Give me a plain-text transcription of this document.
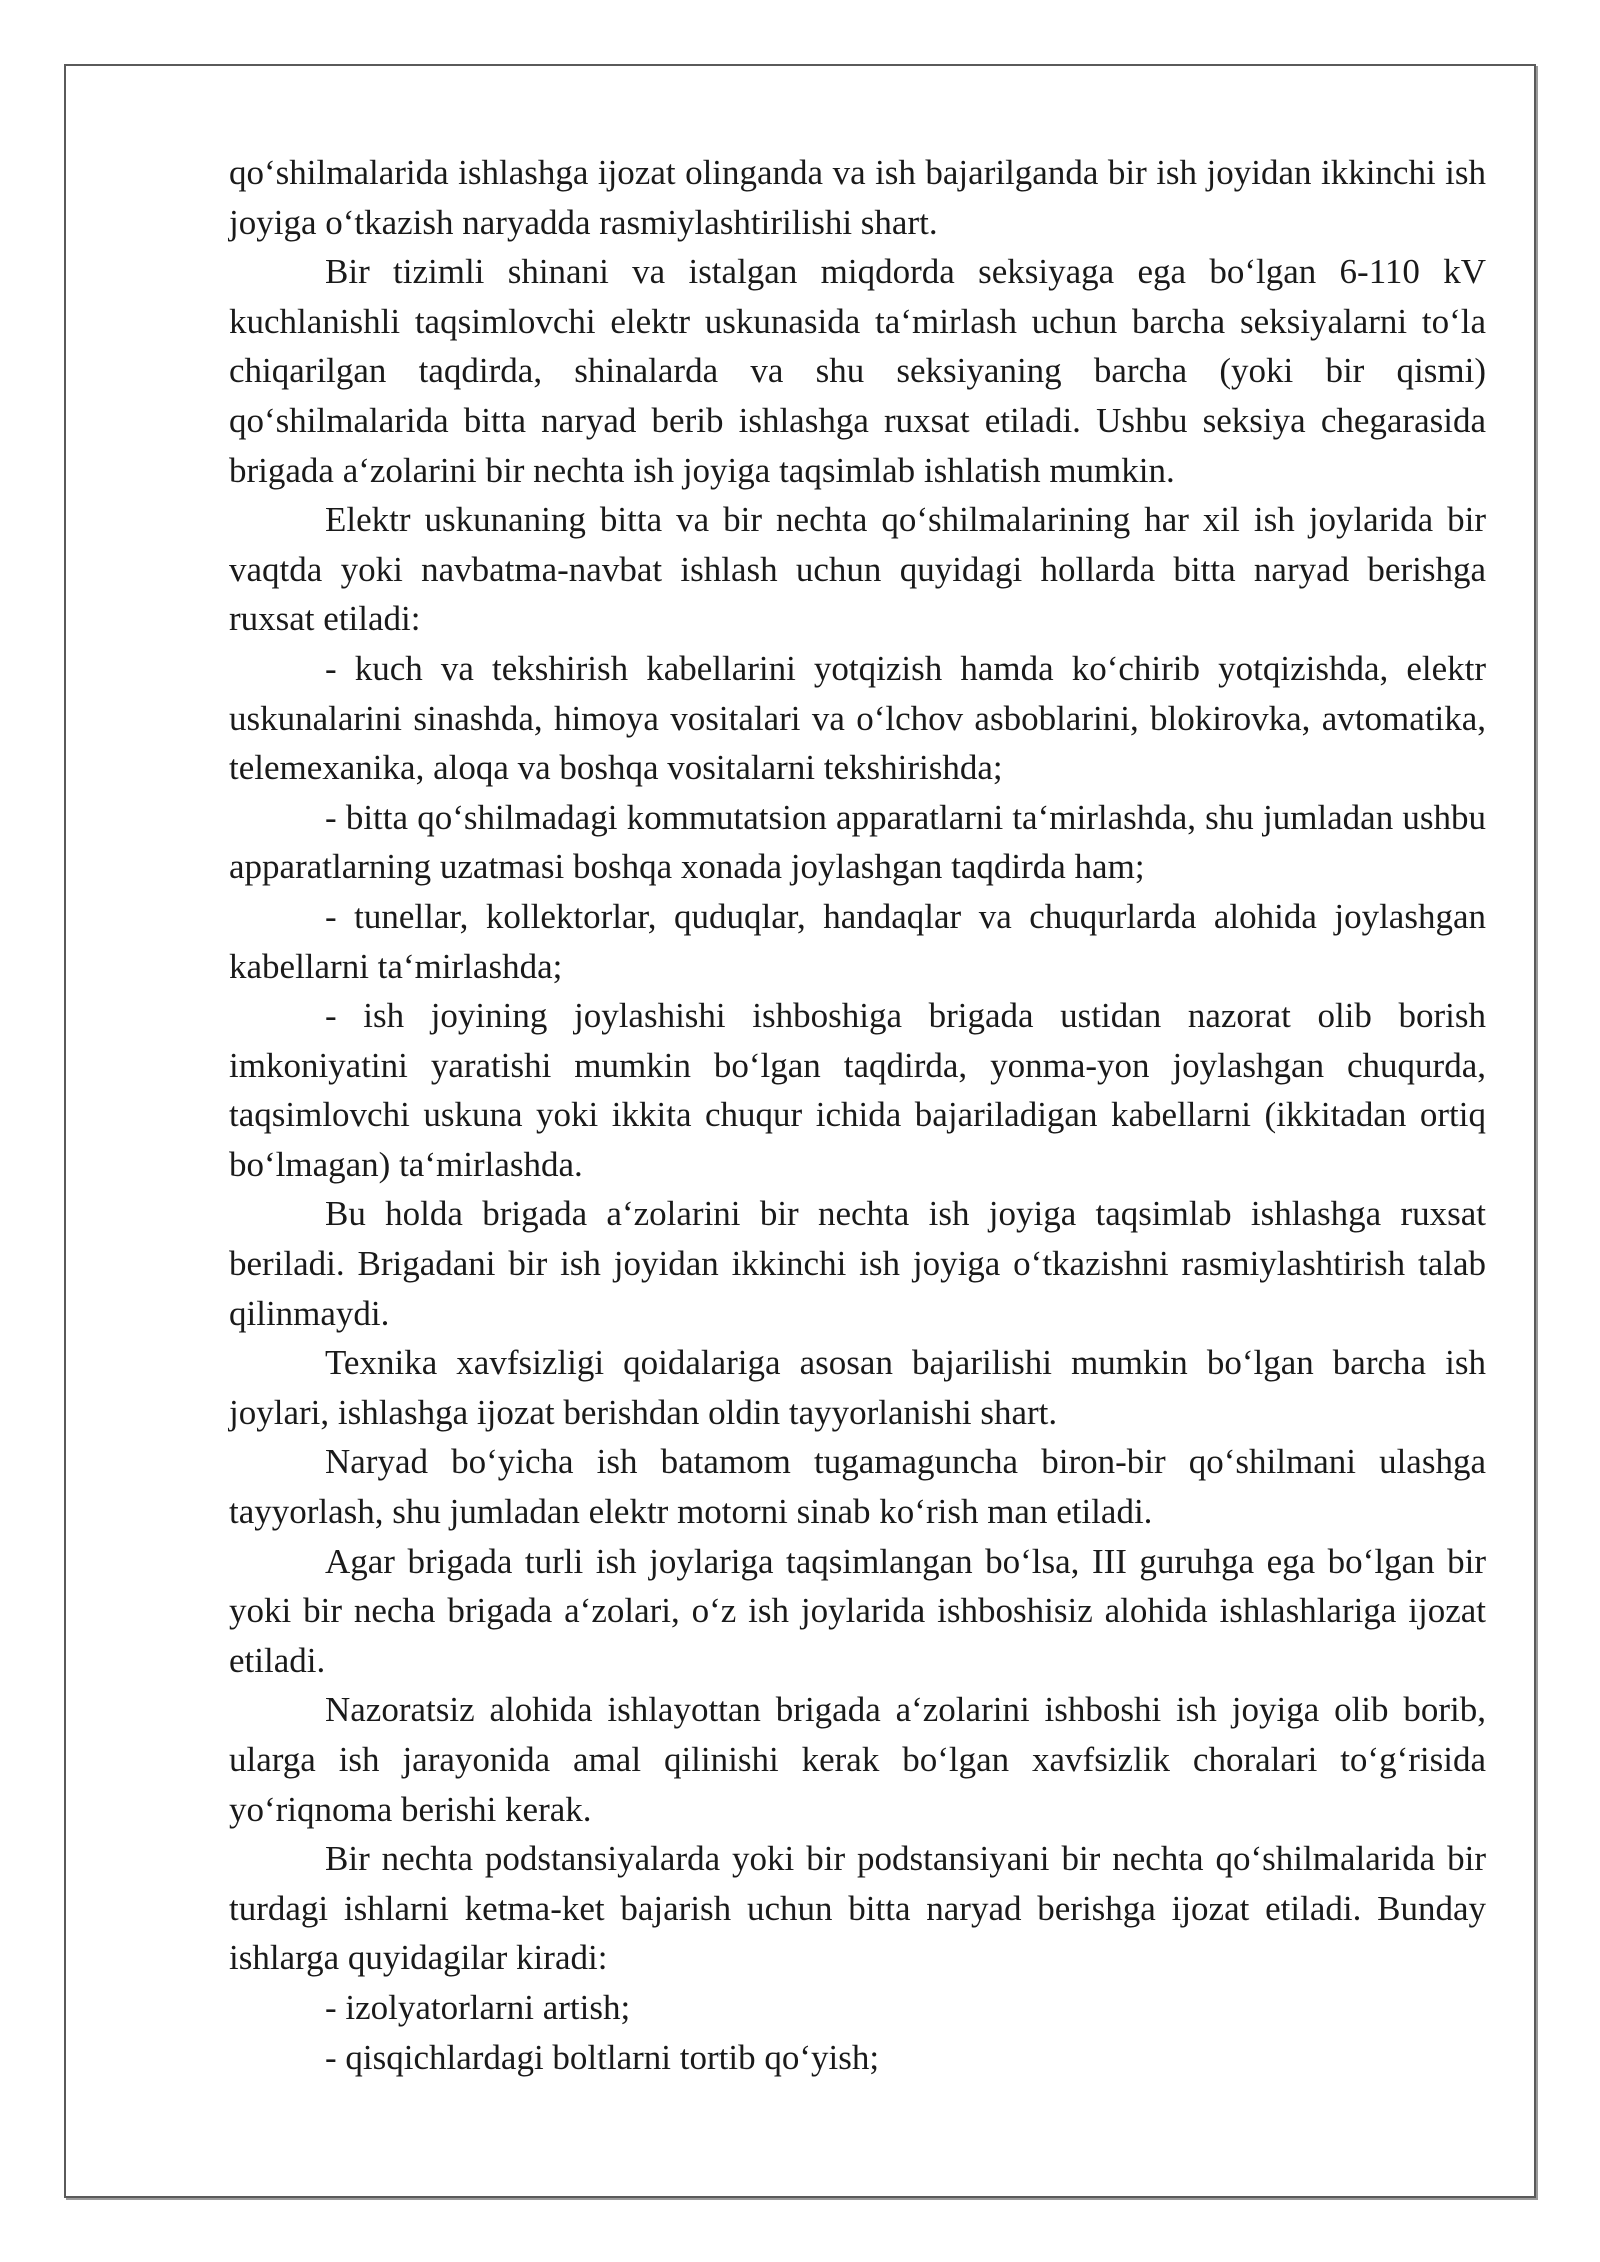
qo‘shilmalarida ishlashga ijozat olinganda va ish bajarilganda bir ish joyidan ikkinchi ish joyiga o‘tkazish naryadda rasmiylashtirilishi shart.

Bir tizimli shinani va istalgan miqdorda seksiyaga ega bo‘lgan 6-110 kV kuchlanishli taqsimlovchi elektr uskunasida ta‘mirlash uchun barcha seksiyalarni to‘la chiqarilgan taqdirda, shinalarda va shu seksiyaning barcha (yoki bir qismi) qo‘shilmalarida bitta naryad berib ishlashga ruxsat etiladi. Ushbu seksiya chegarasida brigada a‘zolarini bir nechta ish joyiga taqsimlab ishlatish mumkin.

Elektr uskunaning bitta va bir nechta qo‘shilmalarining har xil ish joylarida bir vaqtda yoki navbatma-navbat ishlash uchun quyidagi hollarda bitta naryad berishga ruxsat etiladi:

- kuch va tekshirish kabellarini yotqizish hamda ko‘chirib yotqizishda, elektr uskunalarini sinashda, himoya vositalari va o‘lchov asboblarini, blokirovka, avtomatika, telemexanika, aloqa va boshqa vositalarni tekshirishda;

- bitta qo‘shilmadagi kommutatsion apparatlarni ta‘mirlashda, shu jumladan ushbu apparatlarning uzatmasi boshqa xonada joylashgan taqdirda ham;

- tunellar, kollektorlar, quduqlar, handaqlar va chuqurlarda alohida joylashgan kabellarni ta‘mirlashda;

- ish joyining joylashishi ishboshiga brigada ustidan nazorat olib borish imkoniyatini yaratishi mumkin bo‘lgan taqdirda, yonma-yon joylashgan chuqurda, taqsimlovchi uskuna yoki ikkita chuqur ichida bajariladigan kabellarni (ikkitadan ortiq bo‘lmagan) ta‘mirlashda.

Bu holda brigada a‘zolarini bir nechta ish joyiga taqsimlab ishlashga ruxsat beriladi. Brigadani bir ish joyidan ikkinchi ish joyiga o‘tkazishni rasmiylashtirish talab qilinmaydi.

Texnika xavfsizligi qoidalariga asosan bajarilishi mumkin bo‘lgan barcha ish joylari, ishlashga ijozat berishdan oldin tayyorlanishi shart.

Naryad bo‘yicha ish batamom tugamaguncha biron-bir qo‘shilmani ulashga tayyorlash, shu jumladan elektr motorni sinab ko‘rish man etiladi.

Agar brigada turli ish joylariga taqsimlangan bo‘lsa, III guruhga ega bo‘lgan bir yoki bir necha brigada a‘zolari, o‘z ish joylarida ishboshisiz alohida ishlashlariga ijozat etiladi.

Nazoratsiz alohida ishlayottan brigada a‘zolarini ishboshi ish joyiga olib borib, ularga ish jarayonida amal qilinishi kerak bo‘lgan xavfsizlik choralari to‘g‘risida yo‘riqnoma berishi kerak.

Bir nechta podstansiyalarda yoki bir podstansiyani bir nechta qo‘shilmalarida bir turdagi ishlarni ketma-ket bajarish uchun bitta naryad berishga ijozat etiladi. Bunday ishlarga quyidagilar kiradi:

- izolyatorlarni artish;

- qisqichlardagi boltlarni tortib qo‘yish;
